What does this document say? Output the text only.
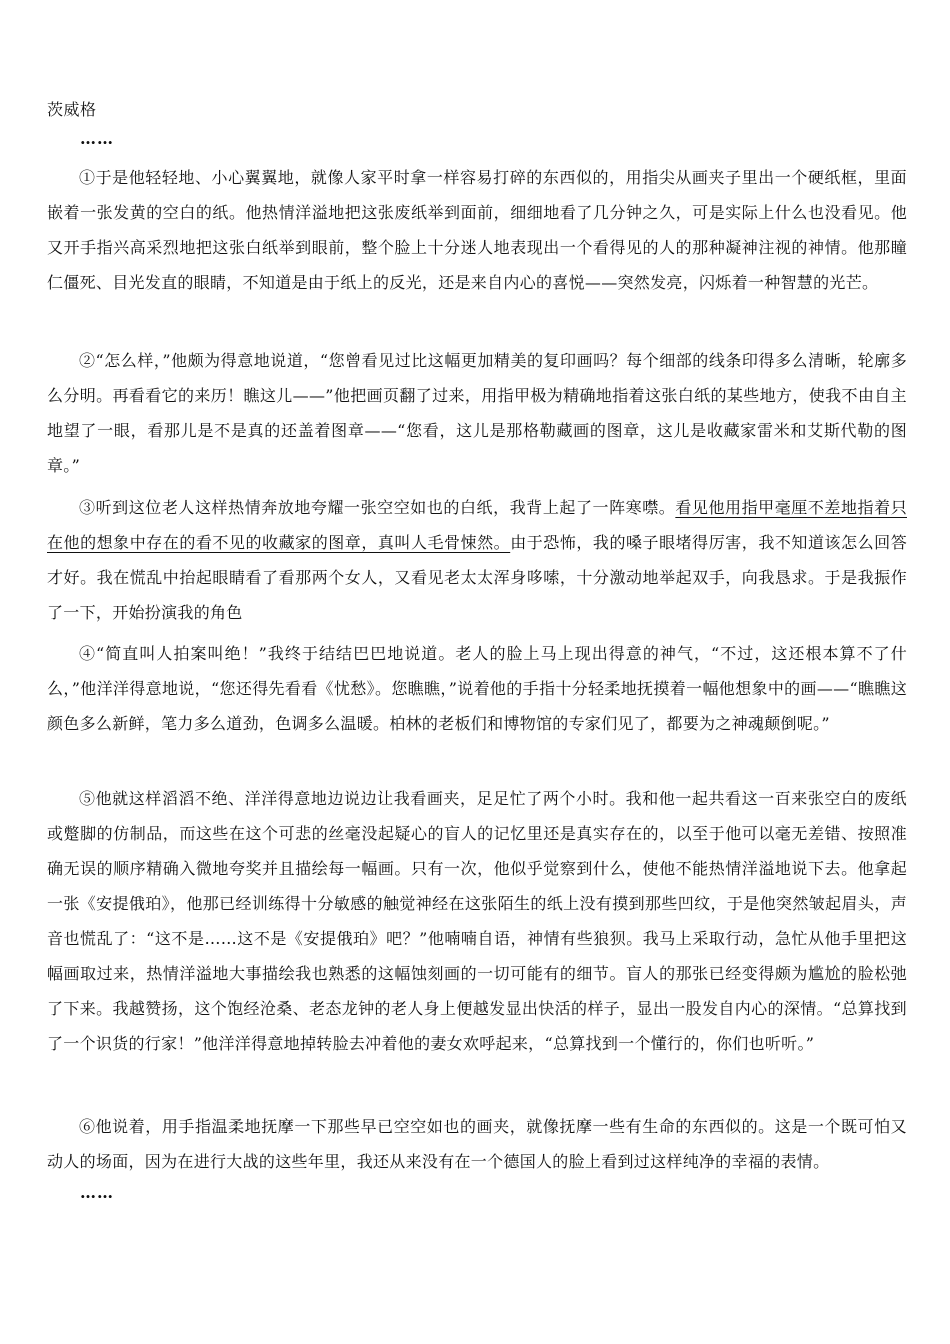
茨威格
……

①于是他轻轻地、小心翼翼地，就像人家平时拿一样容易打碎的东西似的，用指尖从画夹子里出一个硬纸框，里面嵌着一张发黄的空白的纸。他热情洋溢地把这张废纸举到面前，细细地看了几分钟之久，可是实际上什么也没看见。他又开手指兴高采烈地把这张白纸举到眼前，整个脸上十分迷人地表现出一个看得见的人的那种凝神注视的神情。他那瞳仁僵死、目光发直的眼睛，不知道是由于纸上的反光，还是来自内心的喜悦——突然发亮，闪烁着一种智慧的光芒。

②“怎么样，”他颇为得意地说道，“您曾看见过比这幅更加精美的复印画吗？每个细部的线条印得多么清晰，轮廓多么分明。再看看它的来历！瞧这儿——”他把画页翻了过来，用指甲极为精确地指着这张白纸的某些地方，使我不由自主地望了一眼，看那儿是不是真的还盖着图章——“您看，这儿是那格勒藏画的图章，这儿是收藏家雷米和艾斯代勒的图章。”

③听到这位老人这样热情奔放地夸耀一张空空如也的白纸，我背上起了一阵寒噤。看见他用指甲毫厘不差地指着只在他的想象中存在的看不见的收藏家的图章，真叫人毛骨悚然。由于恐怖，我的嗓子眼堵得厉害，我不知道该怎么回答才好。我在慌乱中抬起眼睛看了看那两个女人，又看见老太太浑身哆嗦，十分激动地举起双手，向我恳求。于是我振作了一下，开始扮演我的角色

④“简直叫人拍案叫绝！”我终于结结巴巴地说道。老人的脸上马上现出得意的神气，“不过，这还根本算不了什么，”他洋洋得意地说，“您还得先看看《忧愁》。您瞧瞧，”说着他的手指十分轻柔地抚摸着一幅他想象中的画——“瞧瞧这颜色多么新鲜，笔力多么道劲，色调多么温暖。柏林的老板们和博物馆的专家们见了，都要为之神魂颠倒呢。”

⑤他就这样滔滔不绝、洋洋得意地边说边让我看画夹，足足忙了两个小时。我和他一起共看这一百来张空白的废纸或蹩脚的仿制品，而这些在这个可悲的丝毫没起疑心的盲人的记忆里还是真实存在的，以至于他可以毫无差错、按照准确无误的顺序精确入微地夸奖并且描绘每一幅画。只有一次，他似乎觉察到什么，使他不能热情洋溢地说下去。他拿起一张《安提俄珀》，他那已经训练得十分敏感的触觉神经在这张陌生的纸上没有摸到那些凹纹，于是他突然皱起眉头，声音也慌乱了：“这不是……这不是《安提俄珀》吧？”他喃喃自语，神情有些狼狈。我马上采取行动，急忙从他手里把这幅画取过来，热情洋溢地大事描绘我也熟悉的这幅蚀刻画的一切可能有的细节。盲人的那张已经变得颇为尴尬的脸松弛了下来。我越赞扬，这个饱经沧桑、老态龙钟的老人身上便越发显出快活的样子，显出一股发自内心的深情。“总算找到了一个识货的行家！”他洋洋得意地掉转脸去冲着他的妻女欢呼起来，“总算找到一个懂行的，你们也听听。”

⑥他说着，用手指温柔地抚摩一下那些早已空空如也的画夹，就像抚摩一些有生命的东西似的。这是一个既可怕又动人的场面，因为在进行大战的这些年里，我还从来没有在一个德国人的脸上看到过这样纯净的幸福的表情。

……
